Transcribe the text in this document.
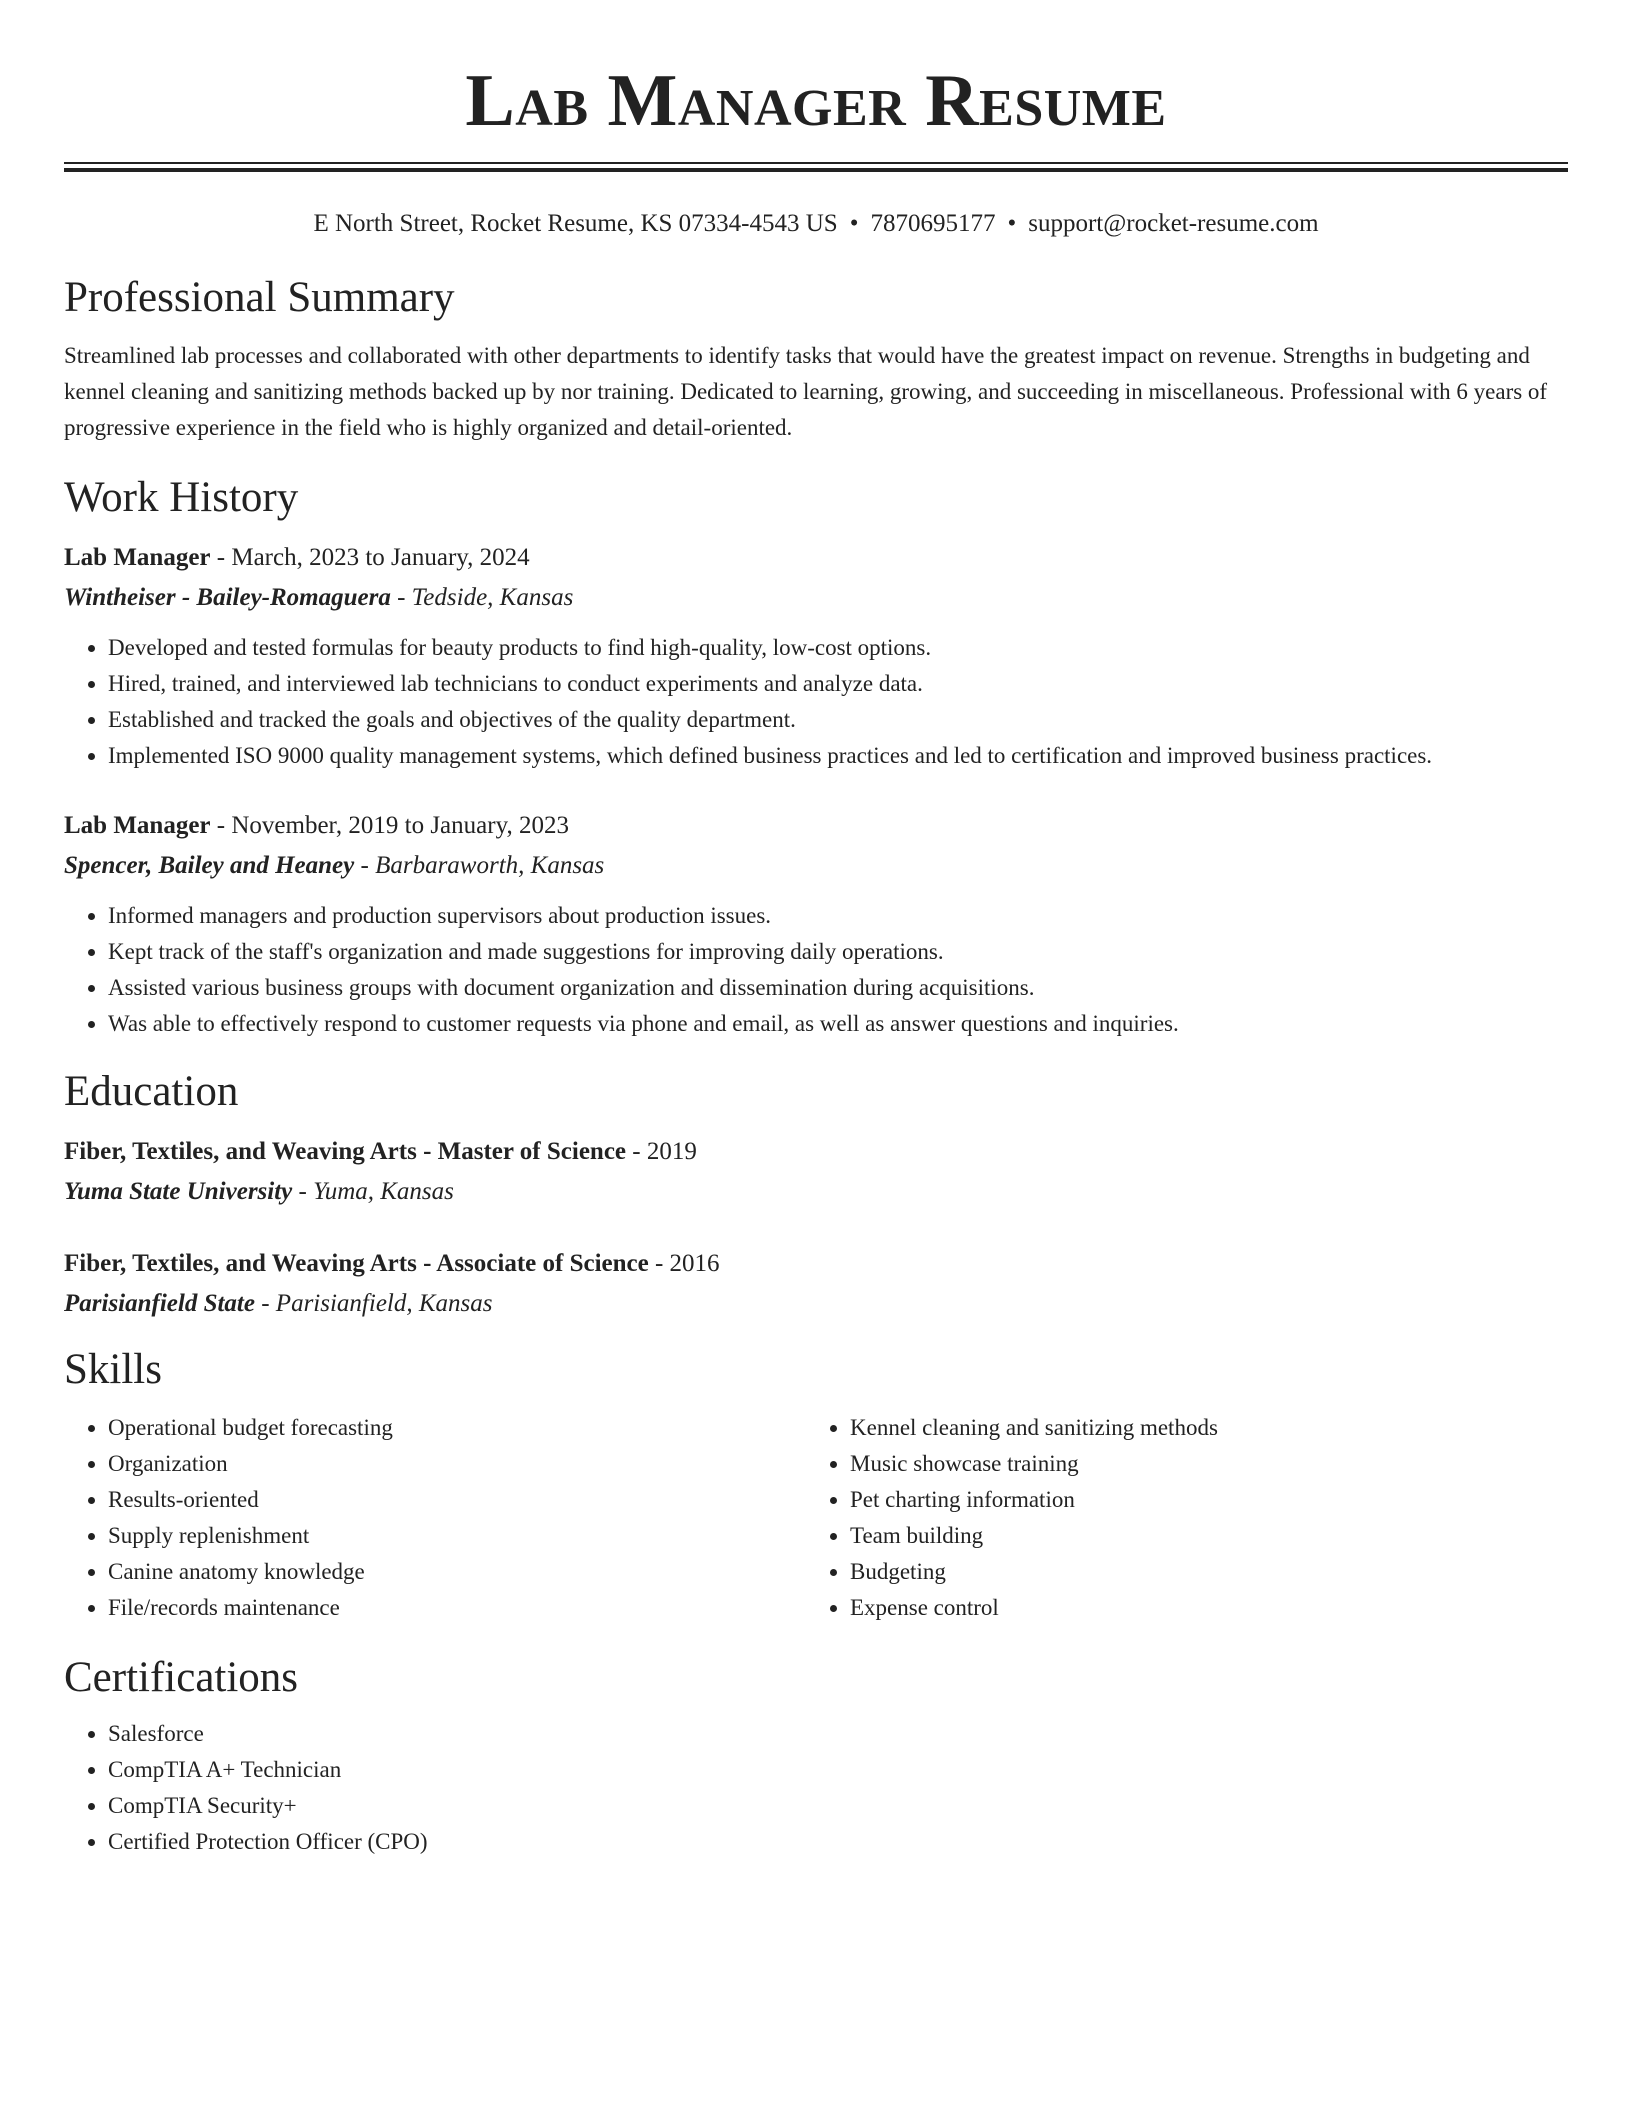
Lab Manager Resume
E North Street, Rocket Resume, KS 07334-4543 US • 7870695177 • support@rocket-resume.com
Professional Summary

Streamlined lab processes and collaborated with other departments to identify tasks that would have the greatest impact on revenue. Strengths in budgeting and kennel cleaning and sanitizing methods backed up by nor training. Dedicated to learning, growing, and succeeding in miscellaneous. Professional with 6 years of progressive experience in the field who is highly organized and detail-oriented.

Work History
Lab Manager - March, 2023 to January, 2024
Wintheiser - Bailey-Romaguera - Tedside, Kansas
• Developed and tested formulas for beauty products to find high-quality, low-cost options.
• Hired, trained, and interviewed lab technicians to conduct experiments and analyze data.
• Established and tracked the goals and objectives of the quality department.
• Implemented ISO 9000 quality management systems, which defined business practices and led to certification and improved business practices.
Lab Manager - November, 2019 to January, 2023
Spencer, Bailey and Heaney - Barbaraworth, Kansas
• Informed managers and production supervisors about production issues.
• Kept track of the staff's organization and made suggestions for improving daily operations.
• Assisted various business groups with document organization and dissemination during acquisitions.
• Was able to effectively respond to customer requests via phone and email, as well as answer questions and inquiries.
Education
Fiber, Textiles, and Weaving Arts - Master of Science - 2019
Yuma State University - Yuma, Kansas
Fiber, Textiles, and Weaving Arts - Associate of Science - 2016
Parisianfield State - Parisianfield, Kansas
Skills
• Operational budget forecasting
• Organization
• Results-oriented
• Supply replenishment
• Canine anatomy knowledge
• File/records maintenance
• Kennel cleaning and sanitizing methods
• Music showcase training
• Pet charting information
• Team building
• Budgeting
• Expense control
Certifications
• Salesforce
• CompTIA A+ Technician
• CompTIA Security+
• Certified Protection Officer (CPO)
